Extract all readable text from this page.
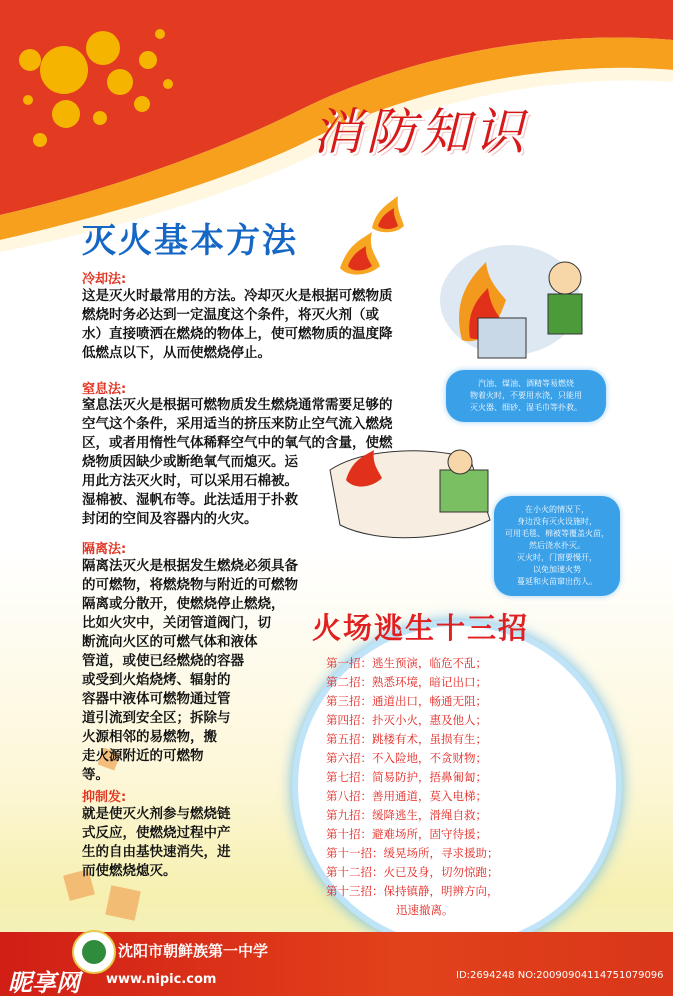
消防知识
灭火基本方法
冷却法:
这是灭火时最常用的方法。冷却灭火是根据可燃物质
燃烧时务必达到一定温度这个条件，将灭火剂（或
水）直接喷洒在燃烧的物体上，使可燃物质的温度降
低燃点以下，从而使燃烧停止。
窒息法:
窒息法灭火是根据可燃物质发生燃烧通常需要足够的
空气这个条件，采用适当的挤压来防止空气流入燃烧
区，或者用惰性气体稀释空气中的氧气的含量，使燃
烧物质因缺少或断绝氧气而熄灭。运
用此方法灭火时，可以采用石棉被。
湿棉被、湿帆布等。此法适用于扑救
封闭的空间及容器内的火灾。
隔离法:
隔离法灭火是根据发生燃烧必须具备
的可燃物，将燃烧物与附近的可燃物
隔离或分散开，使燃烧停止燃烧，
比如火灾中，关闭管道阀门，切
断流向火区的可燃气体和液体
管道，或使已经燃烧的容器
或受到火焰烧烤、辐射的
容器中液体可燃物通过管
道引流到安全区；拆除与
火源相邻的易燃物，搬
走火源附近的可燃物
等。
抑制发:
就是使灭火剂参与燃烧链
式反应，使燃烧过程中产
生的自由基快速消失，进
而使燃烧熄灭。
汽油、煤油、酒精等易燃烧
物着火时，不要用水浇，只能用
灭火器、细砂、湿毛巾等扑救。
在小火的情况下，
身边没有灭火设施时，
可用毛毯、棉被等覆盖火苗，
然后浇水扑灭。
灭火时，门窗要慢开，
以免加速火势
蔓延和火苗窜出伤人。
火场逃生十三招
第一招：逃生预演，临危不乱；
第二招：熟悉环境，暗记出口；
第三招：通道出口，畅通无阻；
第四招：扑灭小火，惠及他人；
第五招：跳楼有术，虽损有生；
第六招：不入险地，不贪财物；
第七招：简易防护，捂鼻匍匐；
第八招：善用通道，莫入电梯；
第九招：缓降逃生，滑绳自救；
第十招：避难场所，固守待援；
第十一招：缓晃场所，寻求援助；
第十二招：火已及身，切勿惊跑；
第十三招：保持镇静，明辨方向，
迅速撤离。
沈阳市朝鲜族第一中学
昵享网 www.nipic.com	ID:2694248 NO:20090904114751079096
